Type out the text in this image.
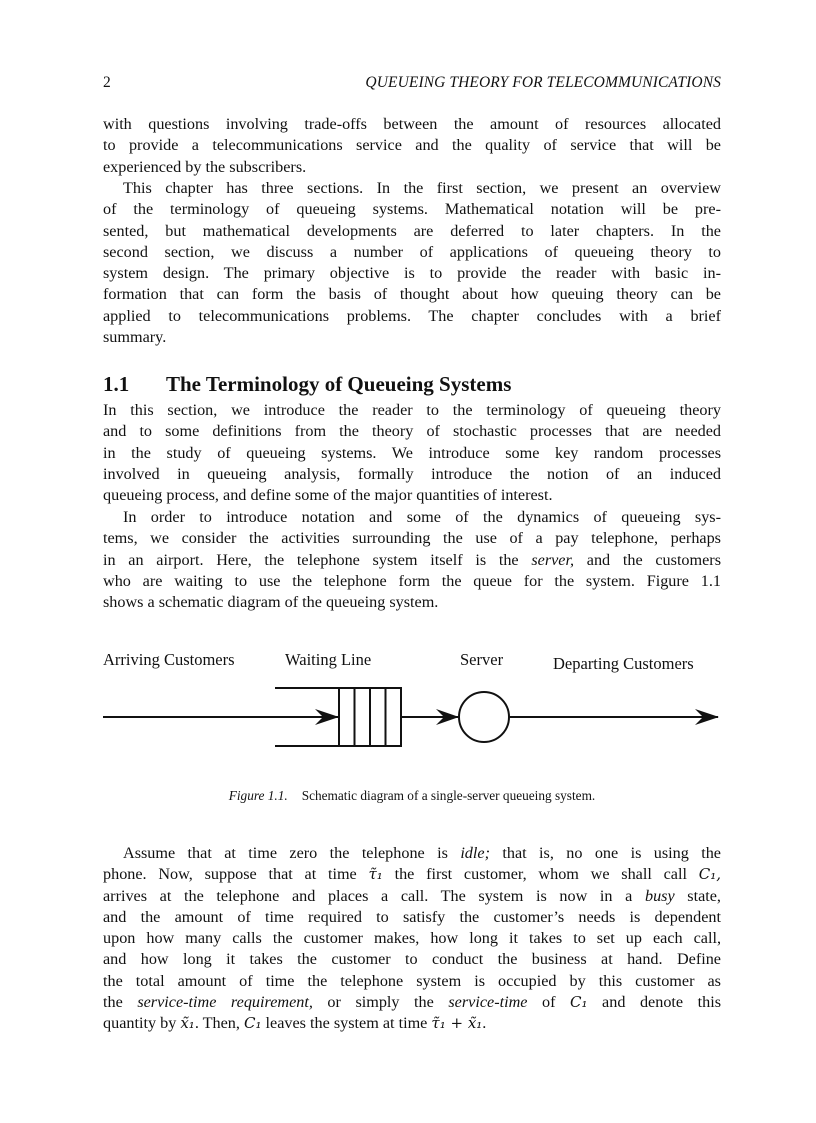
2	QUEUEING THEORY FOR TELECOMMUNICATIONS
with questions involving trade-offs between the amount of resources allocated
to provide a telecommunications service and the quality of service that will be
experienced by the subscribers.
This chapter has three sections. In the first section, we present an overview
of the terminology of queueing systems. Mathematical notation will be pre-
sented, but mathematical developments are deferred to later chapters. In the
second section, we discuss a number of applications of queueing theory to
system design. The primary objective is to provide the reader with basic in-
formation that can form the basis of thought about how queuing theory can be
applied to telecommunications problems. The chapter concludes with a brief
summary.
1.1 The Terminology of Queueing Systems
In this section, we introduce the reader to the terminology of queueing theory
and to some definitions from the theory of stochastic processes that are needed
in the study of queueing systems. We introduce some key random processes
involved in queueing analysis, formally introduce the notion of an induced
queueing process, and define some of the major quantities of interest.
In order to introduce notation and some of the dynamics of queueing sys-
tems, we consider the activities surrounding the use of a pay telephone, perhaps
in an airport. Here, the telephone system itself is the server, and the customers
who are waiting to use the telephone form the queue for the system. Figure 1.1
shows a schematic diagram of the queueing system.
Arriving Customers	Waiting Line	Server	Departing Customers
Figure 1.1. Schematic diagram of a single-server queueing system.
Assume that at time zero the telephone is idle; that is, no one is using the
phone. Now, suppose that at time τ̃₁ the first customer, whom we shall call C₁,
arrives at the telephone and places a call. The system is now in a busy state,
and the amount of time required to satisfy the customer’s needs is dependent
upon how many calls the customer makes, how long it takes to set up each call,
and how long it takes the customer to conduct the business at hand. Define
the total amount of time the telephone system is occupied by this customer as
the service-time requirement, or simply the service-time of C₁ and denote this
quantity by x̃₁. Then, C₁ leaves the system at time τ̃₁ + x̃₁.
